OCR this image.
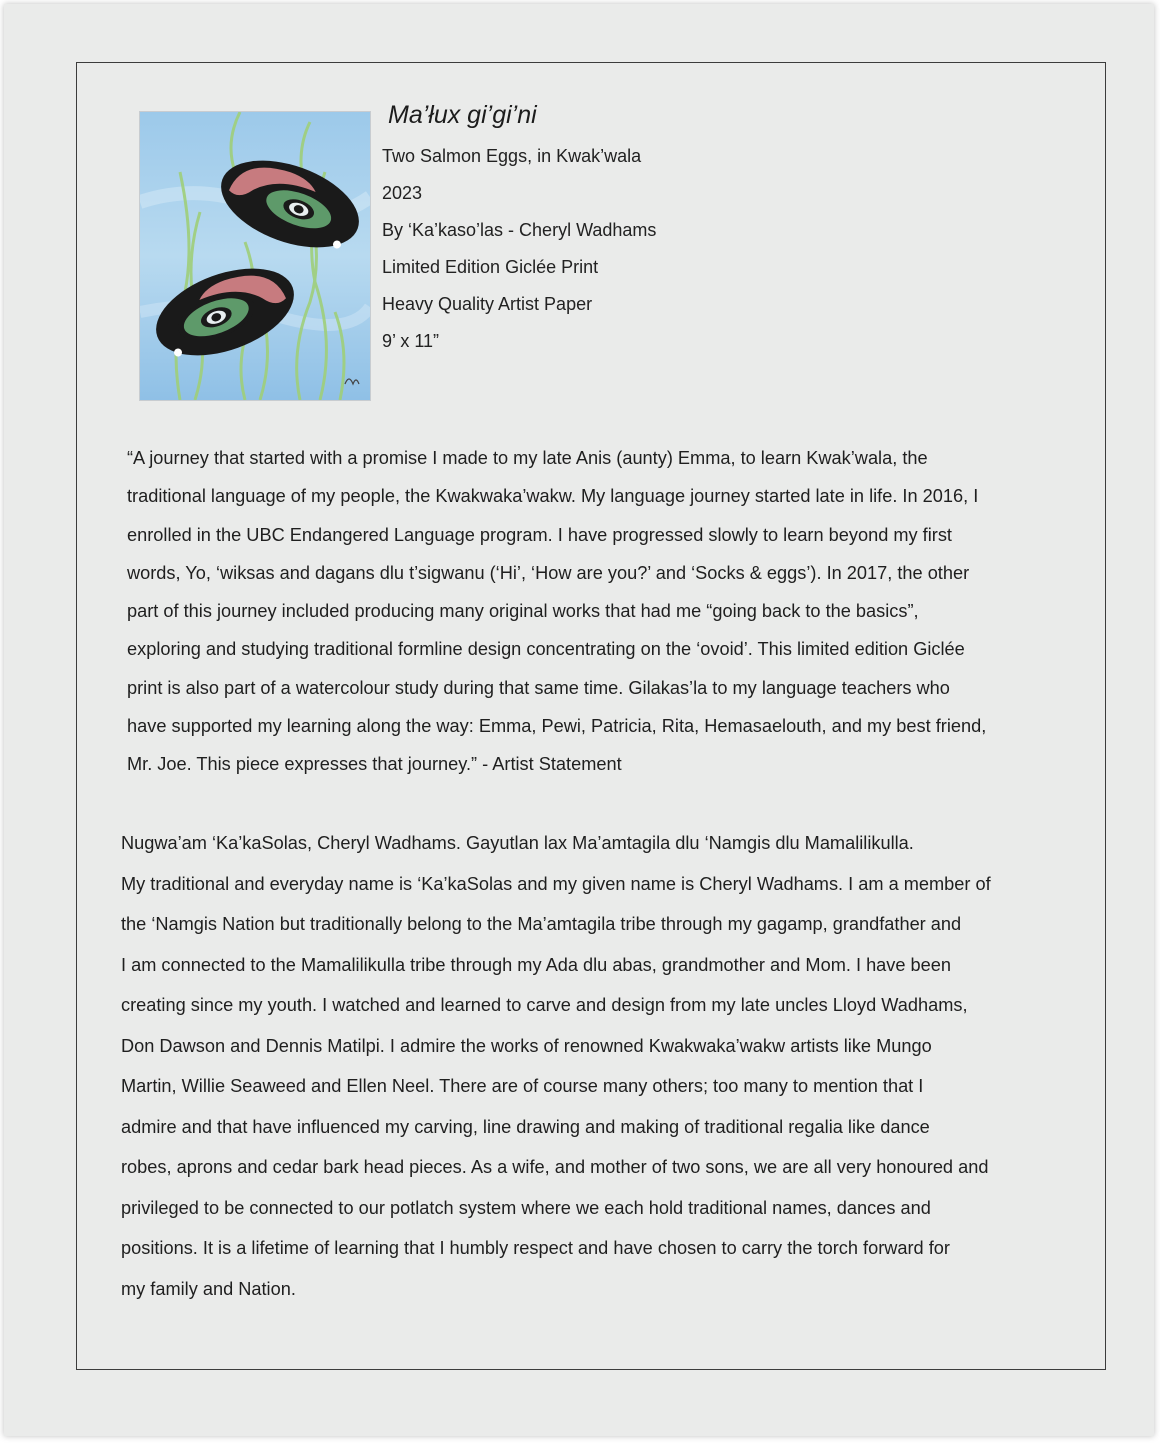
Ma’łux gi’gi’ni
Two Salmon Eggs, in Kwak’wala
2023
By ‘Ka’kaso’las - Cheryl Wadhams
Limited Edition Giclée Print
Heavy Quality Artist Paper
9’ x 11”
“A journey that started with a promise I made to my late Anis (aunty) Emma, to learn Kwak’wala, the
traditional language of my people, the Kwakwaka’wakw. My language journey started late in life. In 2016, I
enrolled in the UBC Endangered Language program. I have progressed slowly to learn beyond my first
words, Yo, ‘wiksas and dagans dlu t’sigwanu (‘Hi’, ‘How are you?’ and ‘Socks & eggs’). In 2017, the other
part of this journey included producing many original works that had me “going back to the basics”,
exploring and studying traditional formline design concentrating on the ‘ovoid’. This limited edition Giclée
print is also part of a watercolour study during that same time. Gilakas’la to my language teachers who
have supported my learning along the way: Emma, Pewi, Patricia, Rita, Hemasaelouth, and my best friend,
Mr. Joe. This piece expresses that journey.” - Artist Statement
Nugwa’am ‘Ka’kaSolas, Cheryl Wadhams. Gayutlan lax Ma’amtagila dlu ‘Namgis dlu Mamalilikulla.
My traditional and everyday name is ‘Ka’kaSolas and my given name is Cheryl Wadhams. I am a member of
the ‘Namgis Nation but traditionally belong to the Ma’amtagila tribe through my gagamp, grandfather and
I am connected to the Mamalilikulla tribe through my Ada dlu abas, grandmother and Mom. I have been
creating since my youth. I watched and learned to carve and design from my late uncles Lloyd Wadhams,
Don Dawson and Dennis Matilpi. I admire the works of renowned Kwakwaka’wakw artists like Mungo
Martin, Willie Seaweed and Ellen Neel. There are of course many others; too many to mention that I
admire and that have influenced my carving, line drawing and making of traditional regalia like dance
robes, aprons and cedar bark head pieces. As a wife, and mother of two sons, we are all very honoured and
privileged to be connected to our potlatch system where we each hold traditional names, dances and
positions. It is a lifetime of learning that I humbly respect and have chosen to carry the torch forward for
my family and Nation.
